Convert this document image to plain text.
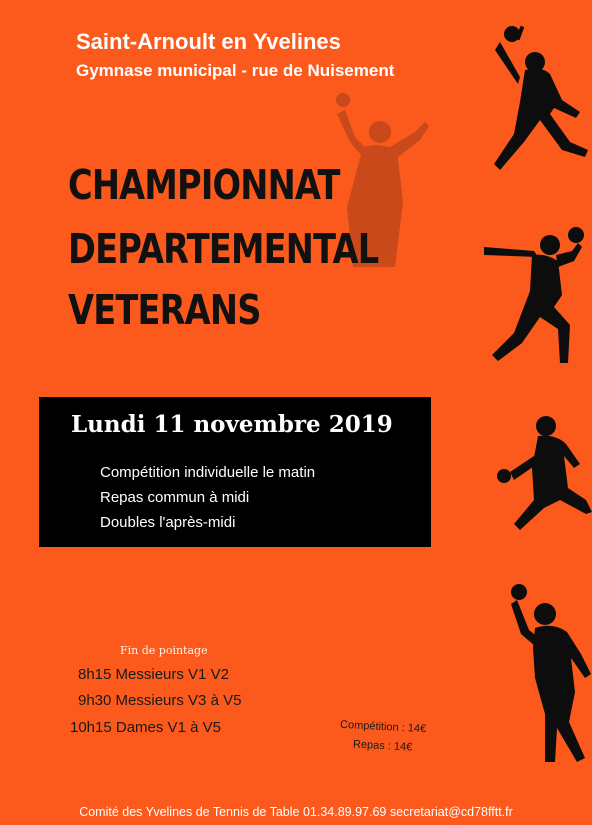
Saint-Arnoult en Yvelines
Gymnase municipal - rue de Nuisement
CHAMPIONNAT
DEPARTEMENTAL
VETERANS
Lundi 11 novembre 2019
Compétition individuelle le matin
Repas commun à midi
Doubles l'après-midi
Fin de pointage
8h15 Messieurs V1 V2
9h30 Messieurs V3 à V5
10h15 Dames V1 à V5	Compétition : 14€
Repas : 14€
Comité des Yvelines de Tennis de Table 01.34.89.97.69 secretariat@cd78fftt.fr
